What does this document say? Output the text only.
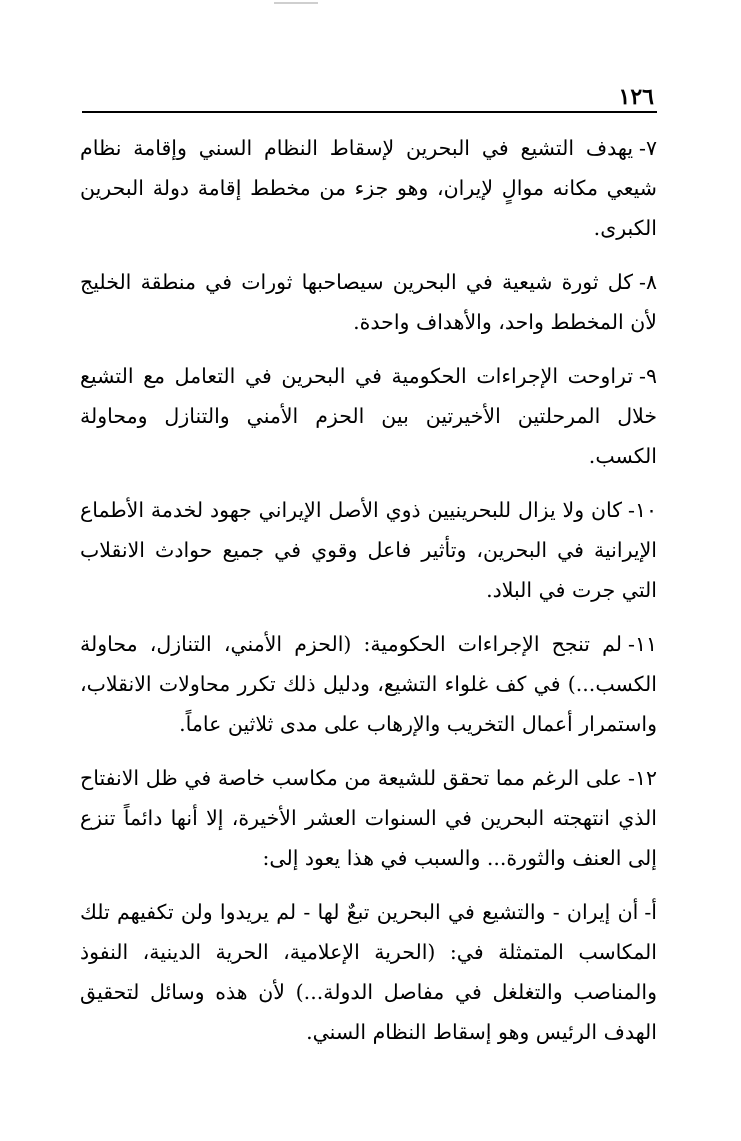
١٢٦

٧-يهدف التشيع في البحرين لإسقاط النظام السني وإقامة نظام شيعي مكانه موالٍ لإيران، وهو جزء من مخطط إقامة دولة البحرين الكبرى.

٨-كل ثورة شيعية في البحرين سيصاحبها ثورات في منطقة الخليج لأن المخطط واحد، والأهداف واحدة.

٩-تراوحت الإجراءات الحكومية في البحرين في التعامل مع التشيع خلال المرحلتين الأخيرتين بين الحزم الأمني والتنازل ومحاولة الكسب.

١٠-كان ولا يزال للبحرينيين ذوي الأصل الإيراني جهود لخدمة الأطماع الإيرانية في البحرين، وتأثير فاعل وقوي في جميع حوادث الانقلاب التي جرت في البلاد.

١١-لم تنجح الإجراءات الحكومية: (الحزم الأمني، التنازل، محاولة الكسب...) في كف غلواء التشيع، ودليل ذلك تكرر محاولات الانقلاب، واستمرار أعمال التخريب والإرهاب على مدى ثلاثين عاماً.

١٢-على الرغم مما تحقق للشيعة من مكاسب خاصة في ظل الانفتاح الذي انتهجته البحرين في السنوات العشر الأخيرة، إلا أنها دائماً تنزع إلى العنف والثورة... والسبب في هذا يعود إلى:

أ-أن إيران - والتشيع في البحرين تبعٌ لها - لم يريدوا ولن تكفيهم تلك المكاسب المتمثلة في: (الحرية الإعلامية، الحرية الدينية، النفوذ والمناصب والتغلغل في مفاصل الدولة...) لأن هذه وسائل لتحقيق الهدف الرئيس وهو إسقاط النظام السني.
